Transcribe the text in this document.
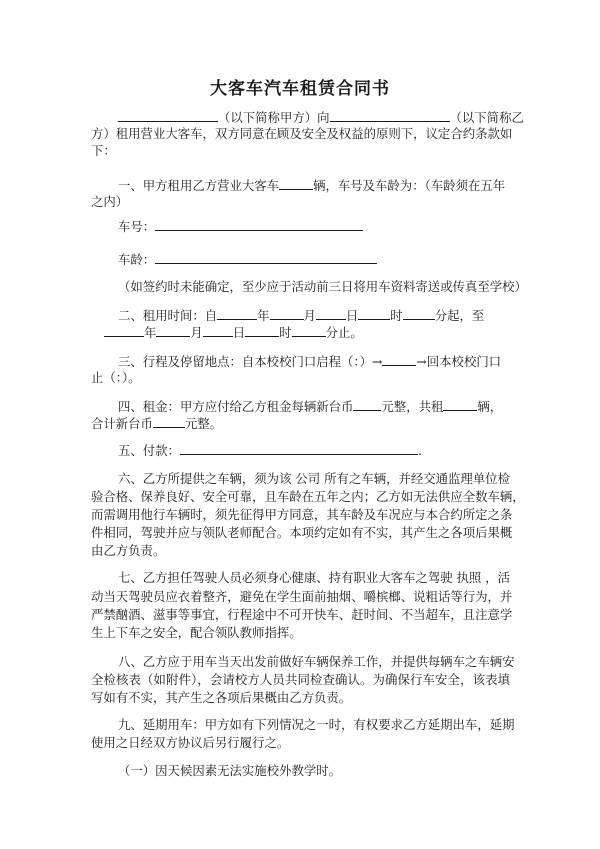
大客车汽车租赁合同书
（以下简称甲方）向	（以下简称乙
方）租用营业大客车，双方同意在顾及安全及权益的原则下，议定合约条款如
下：
一、甲方租用乙方营业大客车	辆，车号及车龄为：（车龄须在五年
之内）
车号：
车龄：
（如签约时未能确定，至少应于活动前三日将用车资料寄送或传真至学校）
二、租用时间：自	年	月 日	时	分起，至
年	月 日	时	分止。
三、行程及停留地点：自本校校门口启程（：）→	→回本校校门口
止（：）。
四、租金：甲方应付给乙方租金每辆新台币 元整，共租	辆，
合计新台币	元整。
五、付款：	.
六、乙方所提供之车辆，须为该 公司 所有之车辆，并经交通监理单位检
验合格、保养良好、安全可靠，且车龄在五年之内；乙方如无法供应全数车辆，
而需调用他行车辆时，须先征得甲方同意，其车龄及车况应与本合约所定之条
件相同，驾驶并应与领队老师配合。本项约定如有不实，其产生之各项后果概
由乙方负责。
七、乙方担任驾驶人员必须身心健康、持有职业大客车之驾驶 执照 ，活
动当天驾驶员应衣着整齐，避免在学生面前抽烟、嚼槟榔、说粗话等行为，并
严禁酗酒、滋事等事宜，行程途中不可开快车、赶时间、不当超车，且注意学
生上下车之安全，配合领队教师指挥。
八、乙方应于用车当天出发前做好车辆保养工作，并提供每辆车之车辆安
全检核表（如附件），会请校方人员共同检查确认。为确保行车安全，该表填
写如有不实，其产生之各项后果概由乙方负责。
九、延期用车：甲方如有下列情况之一时，有权要求乙方延期出车，延期
使用之日经双方协议后另行履行之。
（一）因天候因素无法实施校外教学时。
